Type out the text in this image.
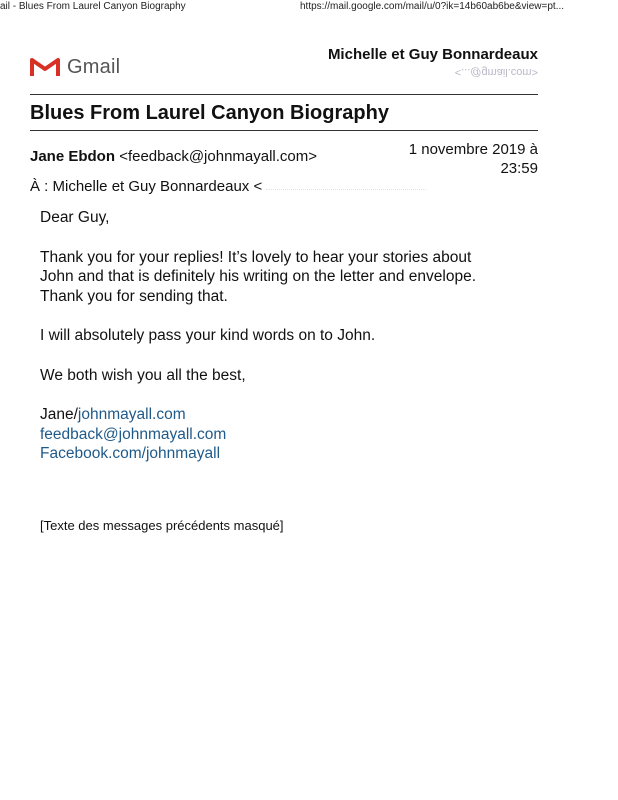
ail - Blues From Laurel Canyon Biography	https://mail.google.com/mail/u/0?ik=14b60ab6be&view=pt...
Gmail
Michelle et Guy Bonnardeaux
<...@gmail.com>
Blues From Laurel Canyon Biography
Jane Ebdon <feedback@johnmayall.com>	1 novembre 2019 à
23:59
À : Michelle et Guy Bonnardeaux <

Dear Guy,

Thank you for your replies! It’s lovely to hear your stories about

John and that is definitely his writing on the letter and envelope.

Thank you for sending that.

I will absolutely pass your kind words on to John.

We both wish you all the best,

Jane/johnmayall.com

feedback@johnmayall.com

Facebook.com/johnmayall

[Texte des messages précédents masqué]
